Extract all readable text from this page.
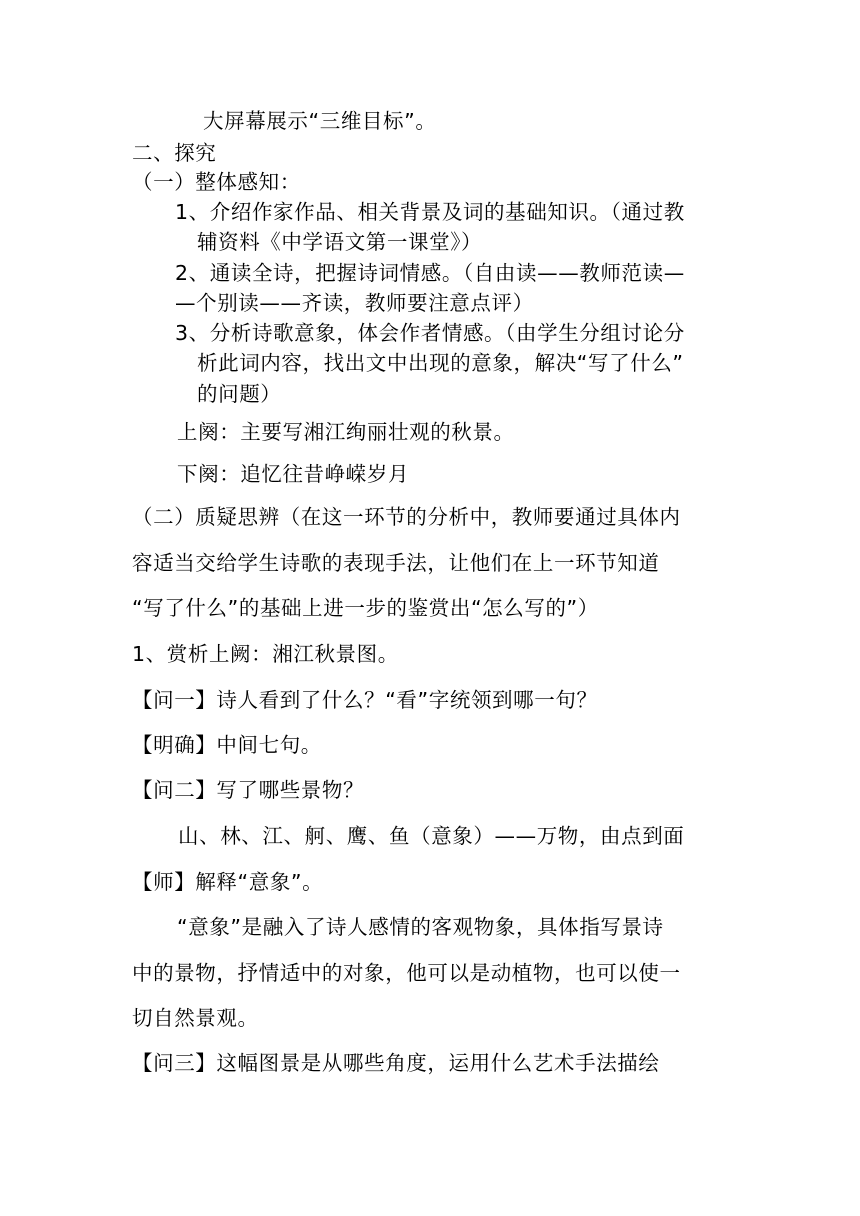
大屏幕展示“三维目标”。
二、探究
（一）整体感知：
1、介绍作家作品、相关背景及词的基础知识。（通过教
辅资料《中学语文第一课堂》）
2、通读全诗，把握诗词情感。（自由读——教师范读—
—个别读——齐读，教师要注意点评）
3、分析诗歌意象，体会作者情感。（由学生分组讨论分
析此词内容，找出文中出现的意象，解决“写了什么”
的问题）
上阕：主要写湘江绚丽壮观的秋景。
下阕：追忆往昔峥嵘岁月
（二）质疑思辨（在这一环节的分析中，教师要通过具体内
容适当交给学生诗歌的表现手法，让他们在上一环节知道
“写了什么”的基础上进一步的鉴赏出“怎么写的”）
1、赏析上阙：湘江秋景图。
【问一】诗人看到了什么？“看”字统领到哪一句？
【明确】中间七句。
【问二】写了哪些景物？
山、林、江、舸、鹰、鱼（意象）——万物，由点到面
【师】解释“意象”。
“意象”是融入了诗人感情的客观物象，具体指写景诗
中的景物，抒情适中的对象，他可以是动植物，也可以使一
切自然景观。
【问三】这幅图景是从哪些角度，运用什么艺术手法描绘
